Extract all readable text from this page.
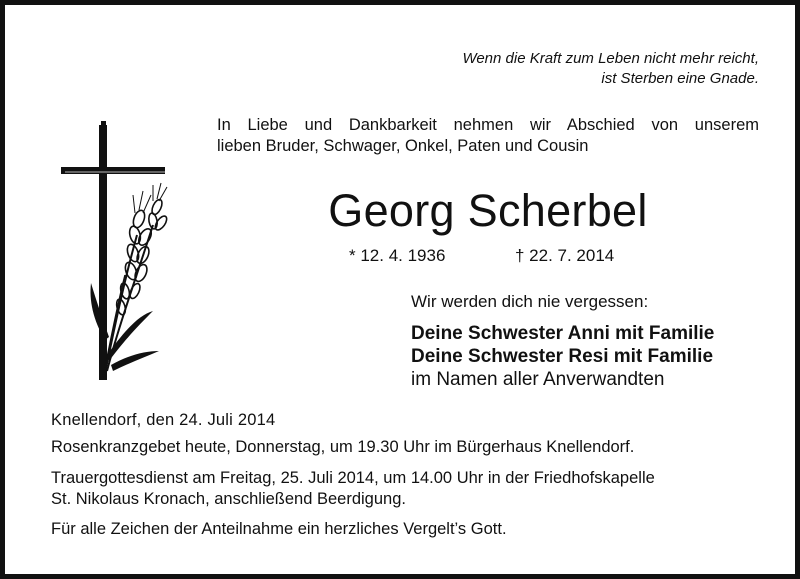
Wenn die Kraft zum Leben nicht mehr reicht,
ist Sterben eine Gnade.

In Liebe und Dankbarkeit nehmen wir Abschied von unserem
lieben Bruder, Schwager, Onkel, Paten und Cousin

Georg Scherbel

* 12. 4. 1936	† 22. 7. 2014

Wir werden dich nie vergessen:

Deine Schwester Anni mit Familie

Deine Schwester Resi mit Familie

im Namen aller Anverwandten

Knellendorf, den 24. Juli 2014

Rosenkranzgebet heute, Donnerstag, um 19.30 Uhr im Bürgerhaus Knellendorf.

Trauergottesdienst am Freitag, 25. Juli 2014, um 14.00 Uhr in der Friedhofskapelle

St. Nikolaus Kronach, anschließend Beerdigung.

Für alle Zeichen der Anteilnahme ein herzliches Vergelt’s Gott.
